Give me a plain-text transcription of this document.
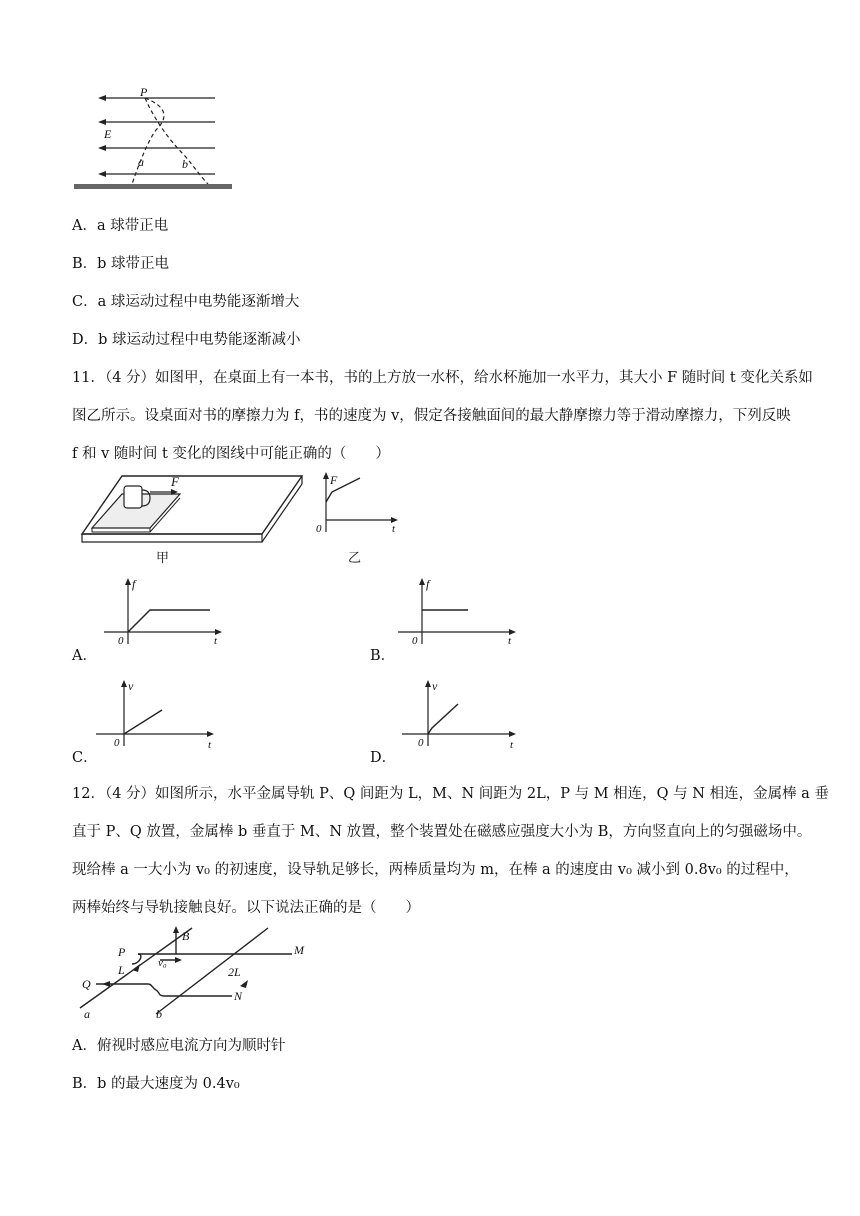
P
E
a	b
A．a 球带正电
B．b 球带正电
C．a 球运动过程中电势能逐渐增大
D．b 球运动过程中电势能逐渐减小
11．（4 分）如图甲，在桌面上有一本书，书的上方放一水杯，给水杯施加一水平力，其大小 F 随时间 t 变化关系如
图乙所示。设桌面对书的摩擦力为 f，书的速度为 v，假定各接触面间的最大静摩擦力等于滑动摩擦力，下列反映
f 和 v 随时间 t 变化的图线中可能正确的（　　）
F
甲
F
0	t
乙
A．
f
0	t
B．
f
0	t
C．
v
0	t
D．
v
0	t
12．（4 分）如图所示，水平金属导轨 P、Q 间距为 L，M、N 间距为 2L，P 与 M 相连，Q 与 N 相连，金属棒 a 垂
直于 P、Q 放置，金属棒 b 垂直于 M、N 放置，整个装置处在磁感应强度大小为 B，方向竖直向上的匀强磁场中。
现给棒 a 一大小为 v₀ 的初速度，设导轨足够长，两棒质量均为 m，在棒 a 的速度由 v₀ 减小到 0.8v₀ 的过程中，
两棒始终与导轨接触良好。以下说法正确的是（　　）
B
P	M
L	v₀
Q
2L
N
a	b
A．俯视时感应电流方向为顺时针
B．b 的最大速度为 0.4v₀
